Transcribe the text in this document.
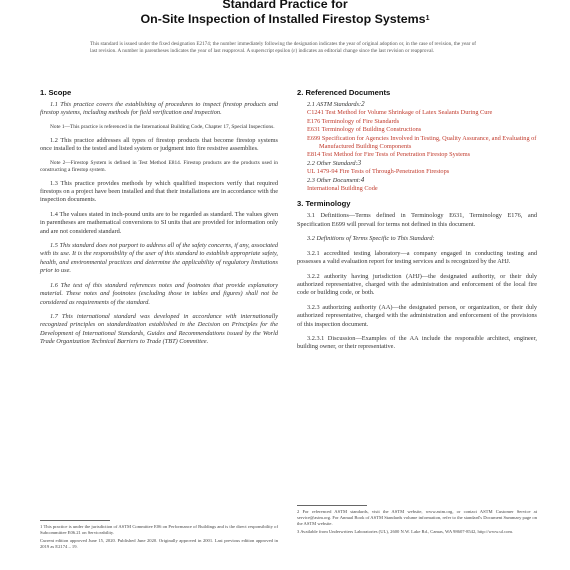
Standard Practice for
On-Site Inspection of Installed Firestop Systems$^1$
This standard is issued under the fixed designation E2174; the number immediately following the designation indicates the year of original adoption or, in the case of revision, the year of last revision. A number in parentheses indicates the year of last reapproval. A superscript epsilon (ε) indicates an editorial change since the last revision or reapproval.
1. Scope

1.1 This practice covers the establishing of procedures to inspect firestop products and firestop systems, including methods for field verification and inspection.

Note 1—This practice is referenced in the International Building Code, Chapter 17, Special Inspections.

1.2 This practice addresses all types of firestop products that become firestop systems once installed to the tested and listed system or judgment into fire resistive assemblies.

Note 2—Firestop System is defined in Test Method E814. Firestop products are the products used in constructing a firestop system.

1.3 This practice provides methods by which qualified inspectors verify that required firestops on a project have been installed and that their installations are in accordance with the inspection documents.

1.4 The values stated in inch-pound units are to be regarded as standard. The values given in parentheses are mathematical conversions to SI units that are provided for information only and are not considered standard.

1.5 This standard does not purport to address all of the safety concerns, if any, associated with its use. It is the responsibility of the user of this standard to establish appropriate safety, health, and environmental practices and determine the applicability of regulatory limitations prior to use.

1.6 The text of this standard references notes and footnotes that provide explanatory material. These notes and footnotes (excluding those in tables and figures) shall not be considered as requirements of the standard.

1.7 This international standard was developed in accordance with internationally recognized principles on standardization established in the Decision on Principles for the Development of International Standards, Guides and Recommendations issued by the World Trade Organization Technical Barriers to Trade (TBT) Committee.

1 This practice is under the jurisdiction of ASTM Committee E06 on Performance of Buildings and is the direct responsibility of Subcommittee E06.21 on Serviceability.

Current edition approved June 15, 2020. Published June 2020. Originally approved in 2001. Last previous edition approved in 2019 as E2174 – 19.

2. Referenced Documents
2.1 ASTM Standards:2
C1241 Test Method for Volume Shrinkage of Latex Sealants During Cure
E176 Terminology of Fire Standards
E631 Terminology of Building Constructions
E699 Specification for Agencies Involved in Testing, Quality Assurance, and Evaluating of Manufactured Building Components
E814 Test Method for Fire Tests of Penetration Firestop Systems
2.2 Other Standard:3
UL 1479-94 Fire Tests of Through-Penetration Firestops
2.3 Other Document:4
International Building Code
3. Terminology

3.1 Definitions—Terms defined in Terminology E631, Terminology E176, and Specification E699 will prevail for terms not defined in this document.

3.2 Definitions of Terms Specific to This Standard:

3.2.1 accredited testing laboratory—a company engaged in conducting testing and possesses a valid evaluation report for testing services and is recognized by the AHJ.

3.2.2 authority having jurisdiction (AHJ)—the designated authority, or their duly authorized representative, charged with the administration and enforcement of the local fire code or building code, or both.

3.2.3 authorizing authority (AA)—the designated person, or organization, or their duly authorized representative, charged with the administration and enforcement of the provisions of this inspection document.

3.2.3.1 Discussion—Examples of the AA include the responsible architect, engineer, building owner, or their representative.

2 For referenced ASTM standards, visit the ASTM website, www.astm.org, or contact ASTM Customer Service at service@astm.org. For Annual Book of ASTM Standards volume information, refer to the standard's Document Summary page on the ASTM website.

3 Available from Underwriters Laboratories (UL), 2600 N.W. Lake Rd., Camas, WA 98607-8542, http://www.ul.com.
